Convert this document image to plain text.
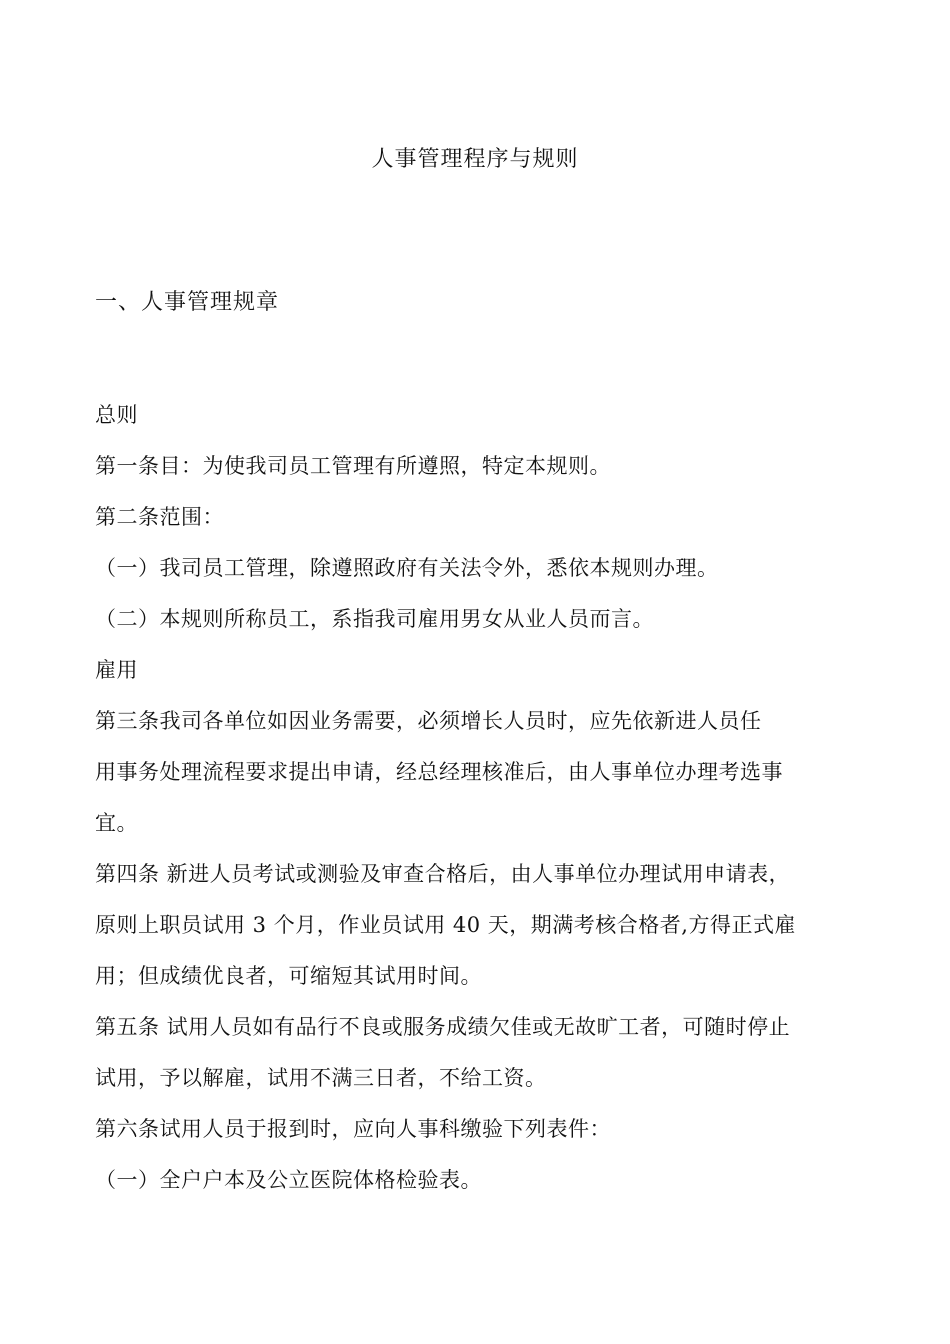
人事管理程序与规则
一、人事管理规章
总则
第一条目：为使我司员工管理有所遵照，特定本规则。
第二条范围：
（一）我司员工管理，除遵照政府有关法令外，悉依本规则办理。
（二）本规则所称员工，系指我司雇用男女从业人员而言。
雇用
第三条我司各单位如因业务需要，必须增长人员时，应先依新进人员任
用事务处理流程要求提出申请，经总经理核准后，由人事单位办理考选事
宜。
第四条 新进人员考试或测验及审查合格后，由人事单位办理试用申请表，
原则上职员试用 3 个月，作业员试用 40 天，期满考核合格者,方得正式雇
用；但成绩优良者，可缩短其试用时间。
第五条 试用人员如有品行不良或服务成绩欠佳或无故旷工者，可随时停止
试用，予以解雇，试用不满三日者，不给工资。
第六条试用人员于报到时，应向人事科缴验下列表件：
（一）全户户本及公立医院体格检验表。
